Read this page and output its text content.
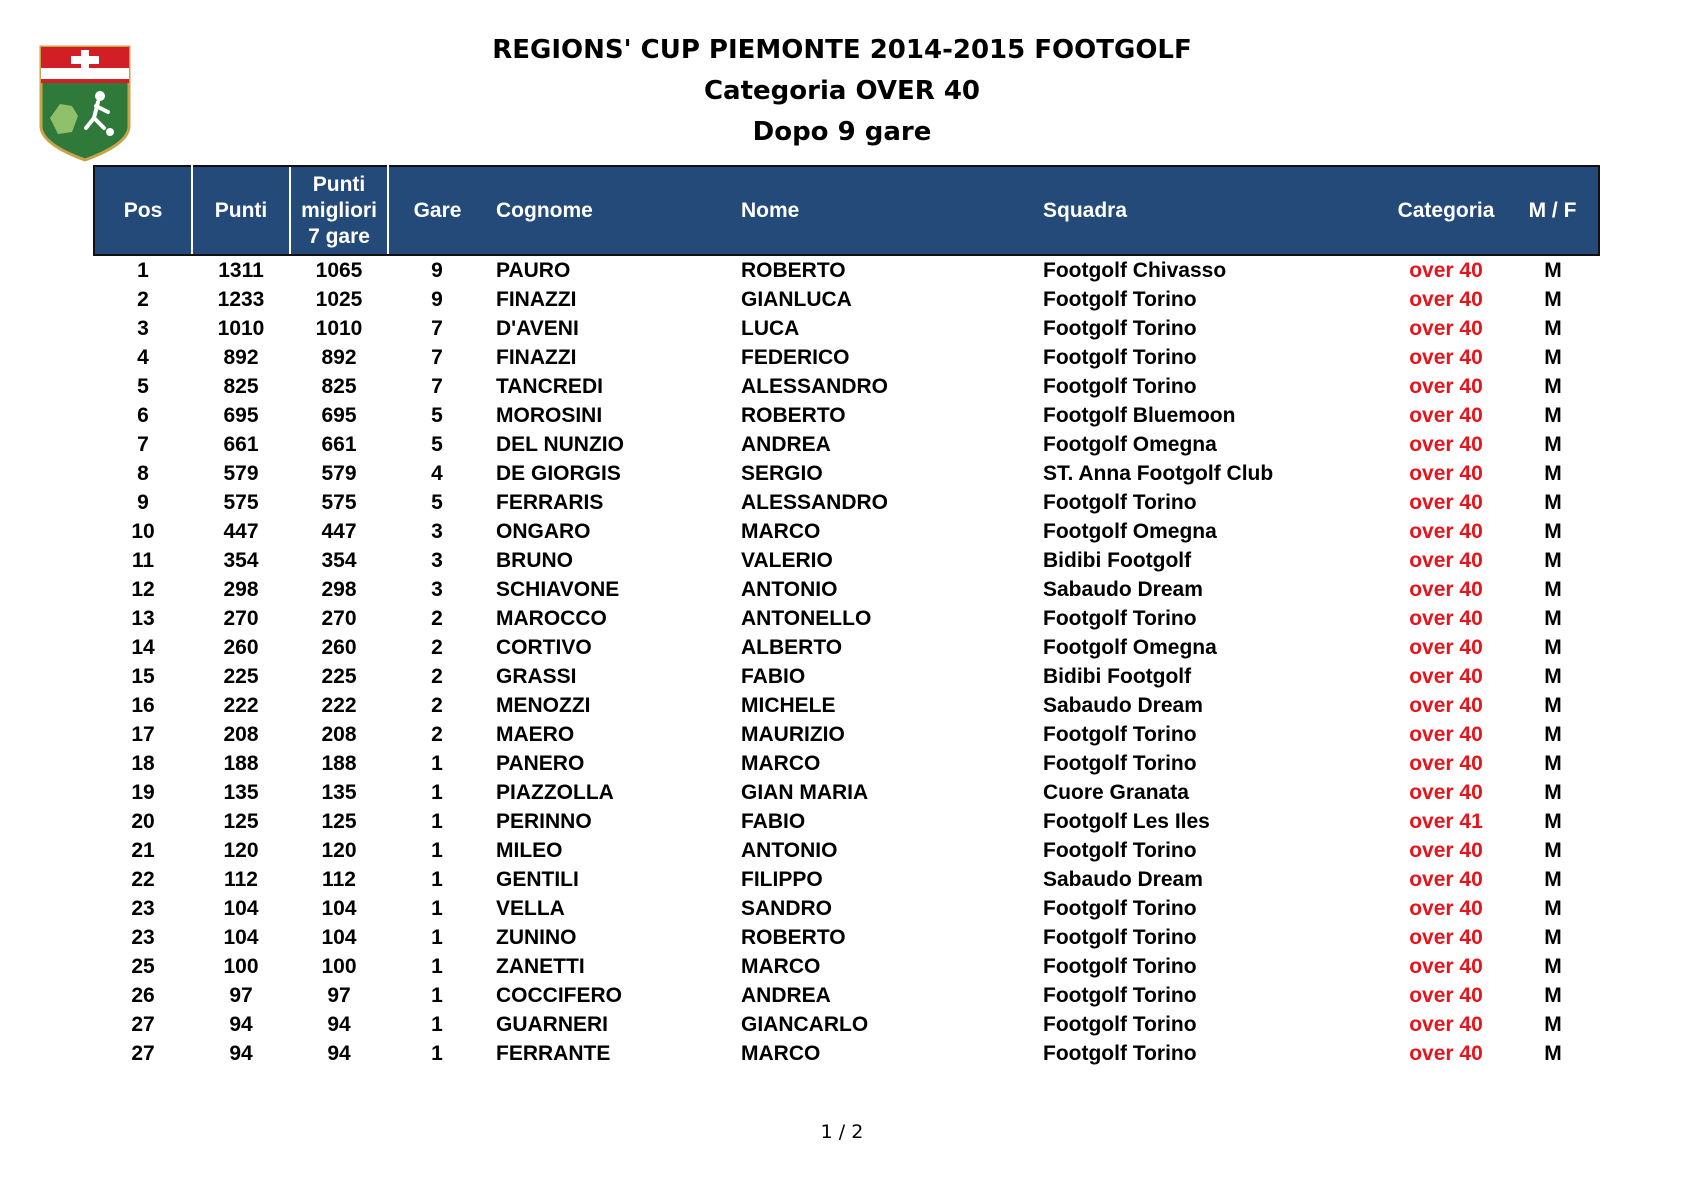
REGIONS' CUP PIEMONTE 2014-2015 FOOTGOLF
Categoria OVER 40
Dopo 9 gare
Pos	Punti	Punti
migliori
7 gare	Gare	Cognome	Nome	Squadra	Categoria	M / F
1	1311	1065	9	PAURO	ROBERTO	Footgolf Chivasso	over 40	M
2	1233	1025	9	FINAZZI	GIANLUCA	Footgolf Torino	over 40	M
3	1010	1010	7	D'AVENI	LUCA	Footgolf Torino	over 40	M
4	892	892	7	FINAZZI	FEDERICO	Footgolf Torino	over 40	M
5	825	825	7	TANCREDI	ALESSANDRO	Footgolf Torino	over 40	M
6	695	695	5	MOROSINI	ROBERTO	Footgolf Bluemoon	over 40	M
7	661	661	5	DEL NUNZIO	ANDREA	Footgolf Omegna	over 40	M
8	579	579	4	DE GIORGIS	SERGIO	ST. Anna Footgolf Club	over 40	M
9	575	575	5	FERRARIS	ALESSANDRO	Footgolf Torino	over 40	M
10	447	447	3	ONGARO	MARCO	Footgolf Omegna	over 40	M
11	354	354	3	BRUNO	VALERIO	Bidibi Footgolf	over 40	M
12	298	298	3	SCHIAVONE	ANTONIO	Sabaudo Dream	over 40	M
13	270	270	2	MAROCCO	ANTONELLO	Footgolf Torino	over 40	M
14	260	260	2	CORTIVO	ALBERTO	Footgolf Omegna	over 40	M
15	225	225	2	GRASSI	FABIO	Bidibi Footgolf	over 40	M
16	222	222	2	MENOZZI	MICHELE	Sabaudo Dream	over 40	M
17	208	208	2	MAERO	MAURIZIO	Footgolf Torino	over 40	M
18	188	188	1	PANERO	MARCO	Footgolf Torino	over 40	M
19	135	135	1	PIAZZOLLA	GIAN MARIA	Cuore Granata	over 40	M
20	125	125	1	PERINNO	FABIO	Footgolf Les Iles	over 41	M
21	120	120	1	MILEO	ANTONIO	Footgolf Torino	over 40	M
22	112	112	1	GENTILI	FILIPPO	Sabaudo Dream	over 40	M
23	104	104	1	VELLA	SANDRO	Footgolf Torino	over 40	M
23	104	104	1	ZUNINO	ROBERTO	Footgolf Torino	over 40	M
25	100	100	1	ZANETTI	MARCO	Footgolf Torino	over 40	M
26	97	97	1	COCCIFERO	ANDREA	Footgolf Torino	over 40	M
27	94	94	1	GUARNERI	GIANCARLO	Footgolf Torino	over 40	M
27	94	94	1	FERRANTE	MARCO	Footgolf Torino	over 40	M
1 / 2
